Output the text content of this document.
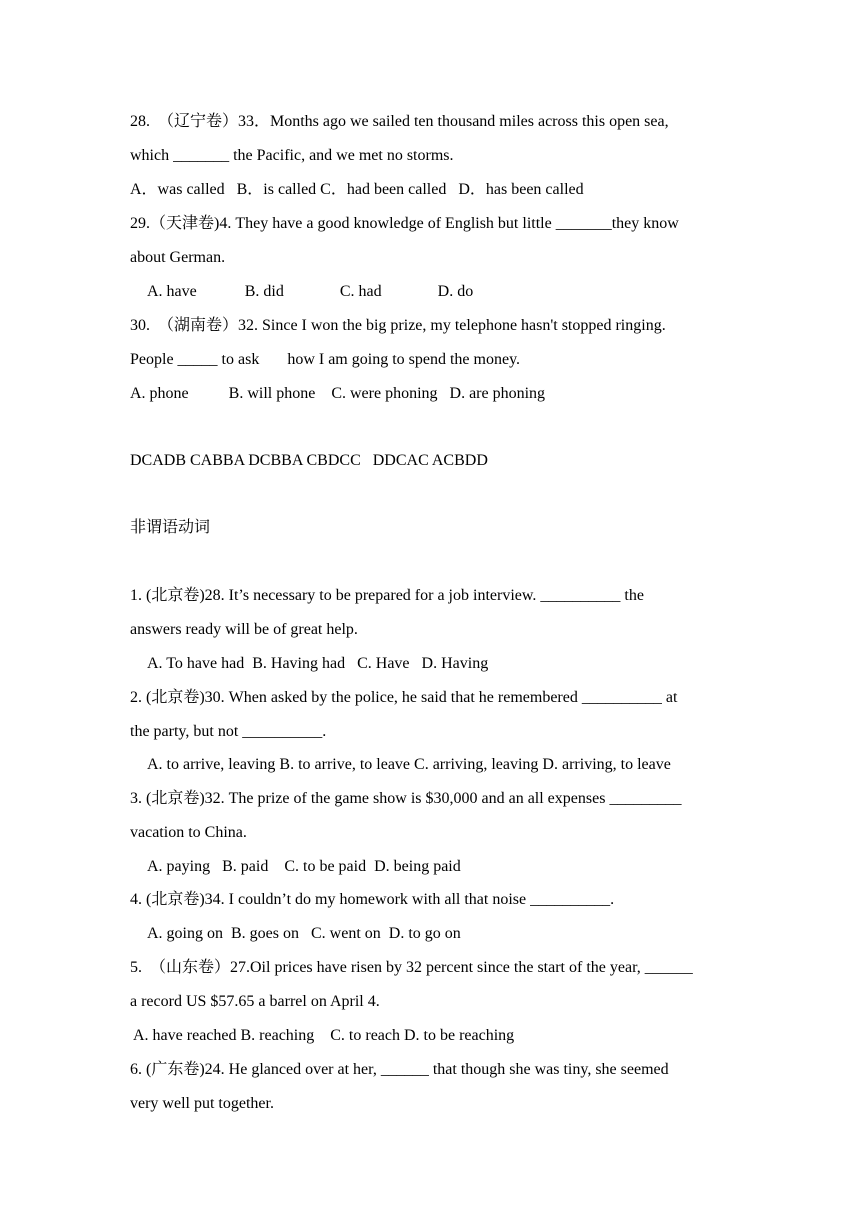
28.  （辽宁卷）33．Months ago we sailed ten thousand miles across this open sea,
which _______ the Pacific, and we met no storms.
A．was called   B．is called C．had been called   D．has been called
29.（天津卷)4. They have a good knowledge of English but little _______they know
about German.
A. have            B. did              C. had              D. do
30.  （湖南卷）32. Since I won the big prize, my telephone hasn't stopped ringing.
People _____ to ask       how I am going to spend the money.
A. phone          B. will phone    C. were phoning   D. are phoning
DCADB CABBA DCBBA CBDCC   DDCAC ACBDD
非谓语动词
1. (北京卷)28. It’s necessary to be prepared for a job interview. __________ the
answers ready will be of great help.
A. To have had  B. Having had   C. Have   D. Having
2. (北京卷)30. When asked by the police, he said that he remembered __________ at
the party, but not __________.
A. to arrive, leaving B. to arrive, to leave C. arriving, leaving D. arriving, to leave
3. (北京卷)32. The prize of the game show is $30,000 and an all expenses _________
vacation to China.
A. paying   B. paid    C. to be paid  D. being paid
4. (北京卷)34. I couldn’t do my homework with all that noise __________.
A. going on  B. goes on   C. went on  D. to go on
5.  （山东卷）27.Oil prices have risen by 32 percent since the start of the year, ______
a record US $57.65 a barrel on April 4.
A. have reached B. reaching    C. to reach D. to be reaching
6. (广东卷)24. He glanced over at her, ______ that though she was tiny, she seemed
very well put together.
